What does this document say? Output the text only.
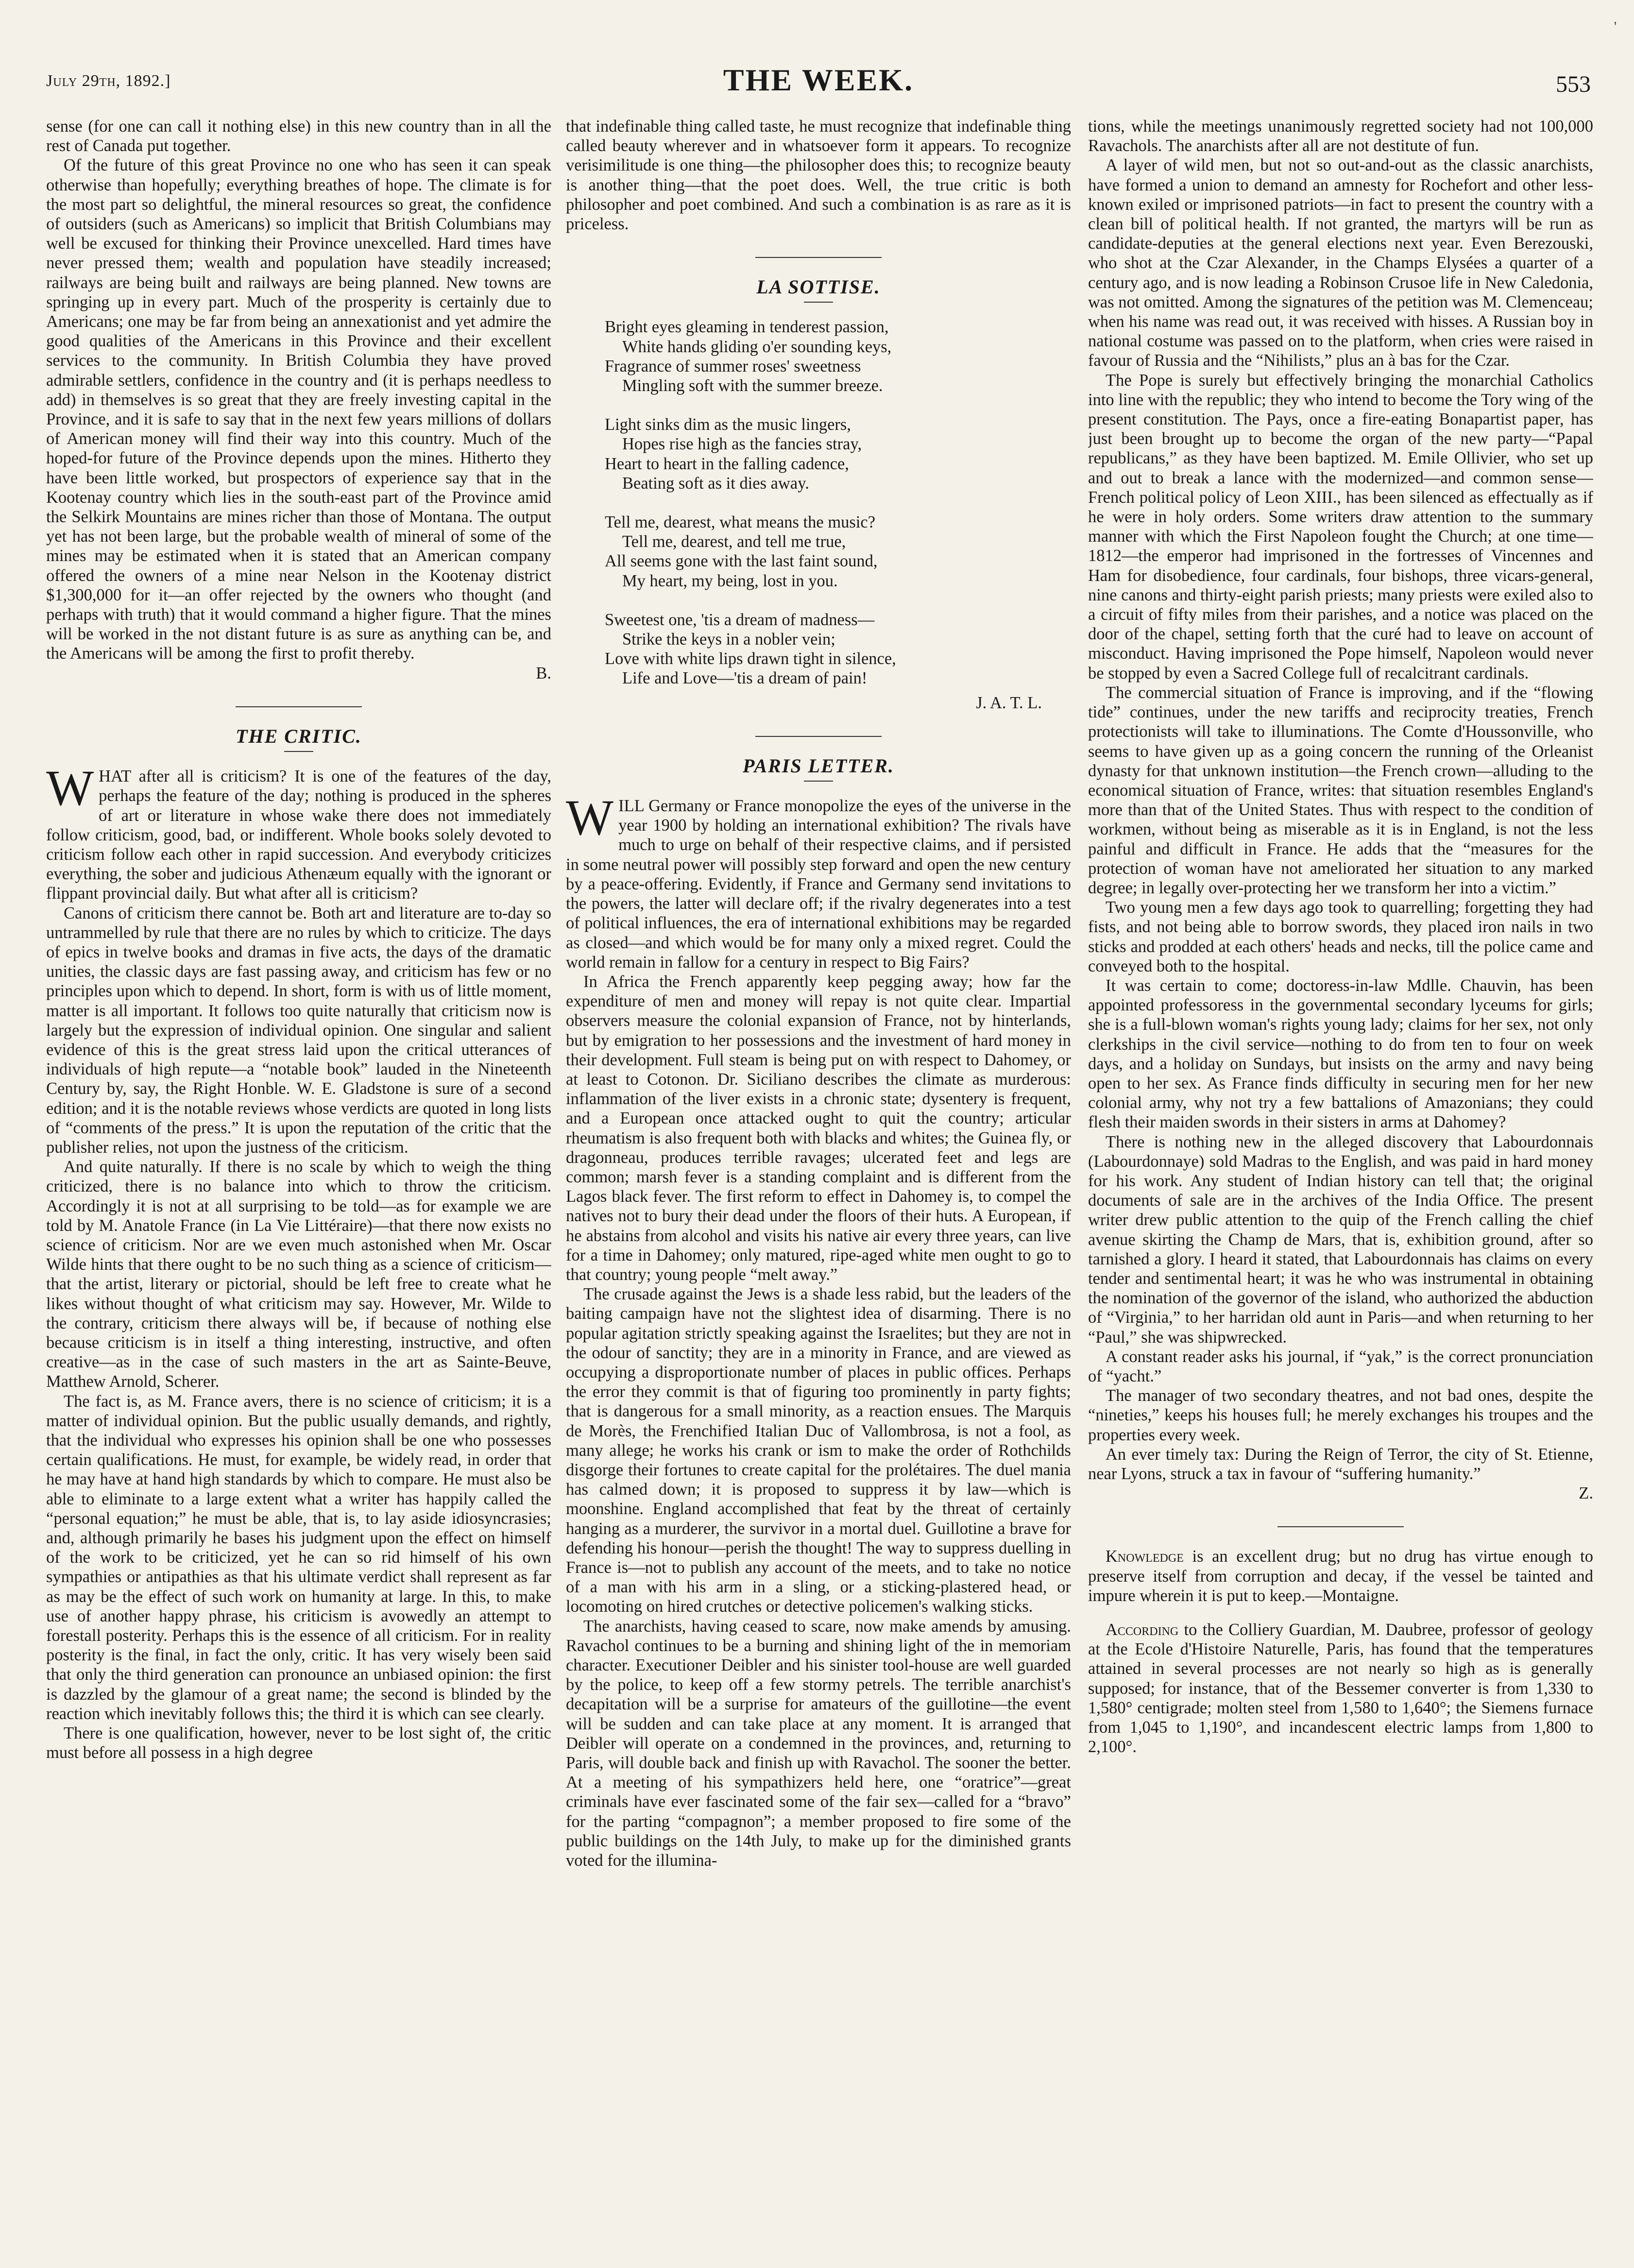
July 29th, 1892.]	THE WEEK.	553
'

sense (for one can call it nothing else) in this new country than in all the rest of Canada put together.

Of the future of this great Province no one who has seen it can speak otherwise than hopefully; everything breathes of hope. The climate is for the most part so delightful, the mineral resources so great, the confidence of outsiders (such as Americans) so implicit that British Columbians may well be excused for thinking their Province unexcelled. Hard times have never pressed them; wealth and population have steadily increased; railways are being built and railways are being planned. New towns are springing up in every part. Much of the prosperity is certainly due to Americans; one may be far from being an annexationist and yet admire the good qualities of the Americans in this Province and their excellent services to the community. In British Columbia they have proved admirable settlers, confidence in the country and (it is perhaps needless to add) in themselves is so great that they are freely investing capital in the Province, and it is safe to say that in the next few years millions of dollars of American money will find their way into this country. Much of the hoped-for future of the Province depends upon the mines. Hitherto they have been little worked, but prospectors of experience say that in the Kootenay country which lies in the south-east part of the Province amid the Selkirk Mountains are mines richer than those of Montana. The output yet has not been large, but the probable wealth of mineral of some of the mines may be estimated when it is stated that an American company offered the owners of a mine near Nelson in the Kootenay district $1,300,000 for it—an offer rejected by the owners who thought (and perhaps with truth) that it would command a higher figure. That the mines will be worked in the not distant future is as sure as anything can be, and the Americans will be among the first to profit thereby.

B.

THE CRITIC.

WHAT after all is criticism? It is one of the features of the day, perhaps the feature of the day; nothing is produced in the spheres of art or literature in whose wake there does not immediately follow criticism, good, bad, or indifferent. Whole books solely devoted to criticism follow each other in rapid succession. And everybody criticizes everything, the sober and judicious Athenæum equally with the ignorant or flippant provincial daily. But what after all is criticism?

Canons of criticism there cannot be. Both art and literature are to-day so untrammelled by rule that there are no rules by which to criticize. The days of epics in twelve books and dramas in five acts, the days of the dramatic unities, the classic days are fast passing away, and criticism has few or no principles upon which to depend. In short, form is with us of little moment, matter is all important. It follows too quite naturally that criticism now is largely but the expression of individual opinion. One singular and salient evidence of this is the great stress laid upon the critical utterances of individuals of high repute—a “notable book” lauded in the Nineteenth Century by, say, the Right Honble. W. E. Gladstone is sure of a second edition; and it is the notable reviews whose verdicts are quoted in long lists of “comments of the press.” It is upon the reputation of the critic that the publisher relies, not upon the justness of the criticism.

And quite naturally. If there is no scale by which to weigh the thing criticized, there is no balance into which to throw the criticism. Accordingly it is not at all surprising to be told—as for example we are told by M. Anatole France (in La Vie Littéraire)—that there now exists no science of criticism. Nor are we even much astonished when Mr. Oscar Wilde hints that there ought to be no such thing as a science of criticism—that the artist, literary or pictorial, should be left free to create what he likes without thought of what criticism may say. However, Mr. Wilde to the contrary, criticism there always will be, if because of nothing else because criticism is in itself a thing interesting, instructive, and often creative—as in the case of such masters in the art as Sainte-Beuve, Matthew Arnold, Scherer.

The fact is, as M. France avers, there is no science of criticism; it is a matter of individual opinion. But the public usually demands, and rightly, that the individual who expresses his opinion shall be one who possesses certain qualifications. He must, for example, be widely read, in order that he may have at hand high standards by which to compare. He must also be able to eliminate to a large extent what a writer has happily called the “personal equation;” he must be able, that is, to lay aside idiosyncrasies; and, although primarily he bases his judgment upon the effect on himself of the work to be criticized, yet he can so rid himself of his own sympathies or antipathies as that his ultimate verdict shall represent as far as may be the effect of such work on humanity at large. In this, to make use of another happy phrase, his criticism is avowedly an attempt to forestall posterity. Perhaps this is the essence of all criticism. For in reality posterity is the final, in fact the only, critic. It has very wisely been said that only the third generation can pronounce an unbiased opinion: the first is dazzled by the glamour of a great name; the second is blinded by the reaction which inevitably follows this; the third it is which can see clearly.

There is one qualification, however, never to be lost sight of, the critic must before all possess in a high degree

that indefinable thing called taste, he must recognize that indefinable thing called beauty wherever and in whatsoever form it appears. To recognize verisimilitude is one thing—the philosopher does this; to recognize beauty is another thing—that the poet does. Well, the true critic is both philosopher and poet combined. And such a combination is as rare as it is priceless.

LA SOTTISE.
Bright eyes gleaming in tenderest passion,
White hands gliding o'er sounding keys,
Fragrance of summer roses' sweetness
Mingling soft with the summer breeze.
Light sinks dim as the music lingers,
Hopes rise high as the fancies stray,
Heart to heart in the falling cadence,
Beating soft as it dies away.
Tell me, dearest, what means the music?
Tell me, dearest, and tell me true,
All seems gone with the last faint sound,
My heart, my being, lost in you.
Sweetest one, 'tis a dream of madness—
Strike the keys in a nobler vein;
Love with white lips drawn tight in silence,
Life and Love—'tis a dream of pain!
J. A. T. L.
PARIS LETTER.

WILL Germany or France monopolize the eyes of the universe in the year 1900 by holding an international exhibition? The rivals have much to urge on behalf of their respective claims, and if persisted in some neutral power will possibly step forward and open the new century by a peace-offering. Evidently, if France and Germany send invitations to the powers, the latter will declare off; if the rivalry degenerates into a test of political influences, the era of international exhibitions may be regarded as closed—and which would be for many only a mixed regret. Could the world remain in fallow for a century in respect to Big Fairs?

In Africa the French apparently keep pegging away; how far the expenditure of men and money will repay is not quite clear. Impartial observers measure the colonial expansion of France, not by hinterlands, but by emigration to her possessions and the investment of hard money in their development. Full steam is being put on with respect to Dahomey, or at least to Cotonon. Dr. Siciliano describes the climate as murderous: inflammation of the liver exists in a chronic state; dysentery is frequent, and a European once attacked ought to quit the country; articular rheumatism is also frequent both with blacks and whites; the Guinea fly, or dragonneau, produces terrible ravages; ulcerated feet and legs are common; marsh fever is a standing complaint and is different from the Lagos black fever. The first reform to effect in Dahomey is, to compel the natives not to bury their dead under the floors of their huts. A European, if he abstains from alcohol and visits his native air every three years, can live for a time in Dahomey; only matured, ripe-aged white men ought to go to that country; young people “melt away.”

The crusade against the Jews is a shade less rabid, but the leaders of the baiting campaign have not the slightest idea of disarming. There is no popular agitation strictly speaking against the Israelites; but they are not in the odour of sanctity; they are in a minority in France, and are viewed as occupying a disproportionate number of places in public offices. Perhaps the error they commit is that of figuring too prominently in party fights; that is dangerous for a small minority, as a reaction ensues. The Marquis de Morès, the Frenchified Italian Duc of Vallombrosa, is not a fool, as many allege; he works his crank or ism to make the order of Rothchilds disgorge their fortunes to create capital for the prolétaires. The duel mania has calmed down; it is proposed to suppress it by law—which is moonshine. England accomplished that feat by the threat of certainly hanging as a murderer, the survivor in a mortal duel. Guillotine a brave for defending his honour—perish the thought! The way to suppress duelling in France is—not to publish any account of the meets, and to take no notice of a man with his arm in a sling, or a sticking-plastered head, or locomoting on hired crutches or detective policemen's walking sticks.

The anarchists, having ceased to scare, now make amends by amusing. Ravachol continues to be a burning and shining light of the in memoriam character. Executioner Deibler and his sinister tool-house are well guarded by the police, to keep off a few stormy petrels. The terrible anarchist's decapitation will be a surprise for amateurs of the guillotine—the event will be sudden and can take place at any moment. It is arranged that Deibler will operate on a condemned in the provinces, and, returning to Paris, will double back and finish up with Ravachol. The sooner the better. At a meeting of his sympathizers held here, one “oratrice”—great criminals have ever fascinated some of the fair sex—called for a “bravo” for the parting “compagnon”; a member proposed to fire some of the public buildings on the 14th July, to make up for the diminished grants voted for the illumina-

tions, while the meetings unanimously regretted society had not 100,000 Ravachols. The anarchists after all are not destitute of fun.

A layer of wild men, but not so out-and-out as the classic anarchists, have formed a union to demand an amnesty for Rochefort and other less-known exiled or imprisoned patriots—in fact to present the country with a clean bill of political health. If not granted, the martyrs will be run as candidate-deputies at the general elections next year. Even Berezouski, who shot at the Czar Alexander, in the Champs Elysées a quarter of a century ago, and is now leading a Robinson Crusoe life in New Caledonia, was not omitted. Among the signatures of the petition was M. Clemenceau; when his name was read out, it was received with hisses. A Russian boy in national costume was passed on to the platform, when cries were raised in favour of Russia and the “Nihilists,” plus an à bas for the Czar.

The Pope is surely but effectively bringing the monarchial Catholics into line with the republic; they who intend to become the Tory wing of the present constitution. The Pays, once a fire-eating Bonapartist paper, has just been brought up to become the organ of the new party—“Papal republicans,” as they have been baptized. M. Emile Ollivier, who set up and out to break a lance with the modernized—and common sense—French political policy of Leon XIII., has been silenced as effectually as if he were in holy orders. Some writers draw attention to the summary manner with which the First Napoleon fought the Church; at one time—1812—the emperor had imprisoned in the fortresses of Vincennes and Ham for disobedience, four cardinals, four bishops, three vicars-general, nine canons and thirty-eight parish priests; many priests were exiled also to a circuit of fifty miles from their parishes, and a notice was placed on the door of the chapel, setting forth that the curé had to leave on account of misconduct. Having imprisoned the Pope himself, Napoleon would never be stopped by even a Sacred College full of recalcitrant cardinals.

The commercial situation of France is improving, and if the “flowing tide” continues, under the new tariffs and reciprocity treaties, French protectionists will take to illuminations. The Comte d'Houssonville, who seems to have given up as a going concern the running of the Orleanist dynasty for that unknown institution—the French crown—alluding to the economical situation of France, writes: that situation resembles England's more than that of the United States. Thus with respect to the condition of workmen, without being as miserable as it is in England, is not the less painful and difficult in France. He adds that the “measures for the protection of woman have not ameliorated her situation to any marked degree; in legally over-protecting her we transform her into a victim.”

Two young men a few days ago took to quarrelling; forgetting they had fists, and not being able to borrow swords, they placed iron nails in two sticks and prodded at each others' heads and necks, till the police came and conveyed both to the hospital.

It was certain to come; doctoress-in-law Mdlle. Chauvin, has been appointed professoress in the governmental secondary lyceums for girls; she is a full-blown woman's rights young lady; claims for her sex, not only clerkships in the civil service—nothing to do from ten to four on week days, and a holiday on Sundays, but insists on the army and navy being open to her sex. As France finds difficulty in securing men for her new colonial army, why not try a few battalions of Amazonians; they could flesh their maiden swords in their sisters in arms at Dahomey?

There is nothing new in the alleged discovery that Labourdonnais (Labourdonnaye) sold Madras to the English, and was paid in hard money for his work. Any student of Indian history can tell that; the original documents of sale are in the archives of the India Office. The present writer drew public attention to the quip of the French calling the chief avenue skirting the Champ de Mars, that is, exhibition ground, after so tarnished a glory. I heard it stated, that Labourdonnais has claims on every tender and sentimental heart; it was he who was instrumental in obtaining the nomination of the governor of the island, who authorized the abduction of “Virginia,” to her harridan old aunt in Paris—and when returning to her “Paul,” she was shipwrecked.

A constant reader asks his journal, if “yak,” is the correct pronunciation of “yacht.”

The manager of two secondary theatres, and not bad ones, despite the “nineties,” keeps his houses full; he merely exchanges his troupes and the properties every week.

An ever timely tax: During the Reign of Terror, the city of St. Etienne, near Lyons, struck a tax in favour of “suffering humanity.”

Z.

Knowledge is an excellent drug; but no drug has virtue enough to preserve itself from corruption and decay, if the vessel be tainted and impure wherein it is put to keep.—Montaigne.

According to the Colliery Guardian, M. Daubree, professor of geology at the Ecole d'Histoire Naturelle, Paris, has found that the temperatures attained in several processes are not nearly so high as is generally supposed; for instance, that of the Bessemer converter is from 1,330 to 1,580° centigrade; molten steel from 1,580 to 1,640°; the Siemens furnace from 1,045 to 1,190°, and incandescent electric lamps from 1,800 to 2,100°.
